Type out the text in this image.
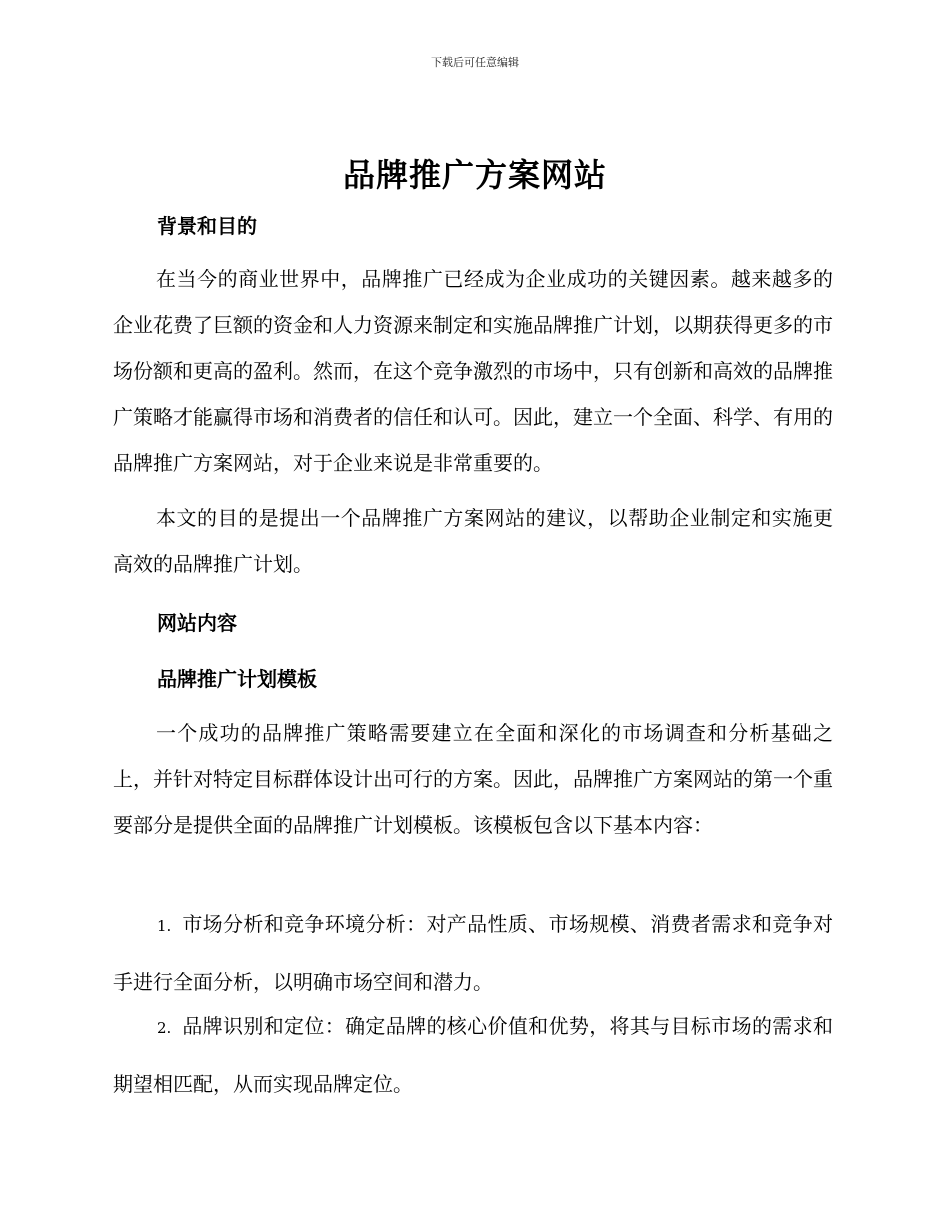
下载后可任意编辑
品牌推广方案网站
背景和目的
在当今的商业世界中，品牌推广已经成为企业成功的关键因素。越来越多的企业花费了巨额的资金和人力资源来制定和实施品牌推广计划，以期获得更多的市场份额和更高的盈利。然而，在这个竞争激烈的市场中，只有创新和高效的品牌推广策略才能赢得市场和消费者的信任和认可。因此，建立一个全面、科学、有用的品牌推广方案网站，对于企业来说是非常重要的。
本文的目的是提出一个品牌推广方案网站的建议，以帮助企业制定和实施更高效的品牌推广计划。
网站内容
品牌推广计划模板
一个成功的品牌推广策略需要建立在全面和深化的市场调查和分析基础之上，并针对特定目标群体设计出可行的方案。因此，品牌推广方案网站的第一个重要部分是提供全面的品牌推广计划模板。该模板包含以下基本内容：
1. 市场分析和竞争环境分析：对产品性质、市场规模、消费者需求和竞争对手进行全面分析，以明确市场空间和潜力。
2. 品牌识别和定位：确定品牌的核心价值和优势，将其与目标市场的需求和期望相匹配，从而实现品牌定位。
